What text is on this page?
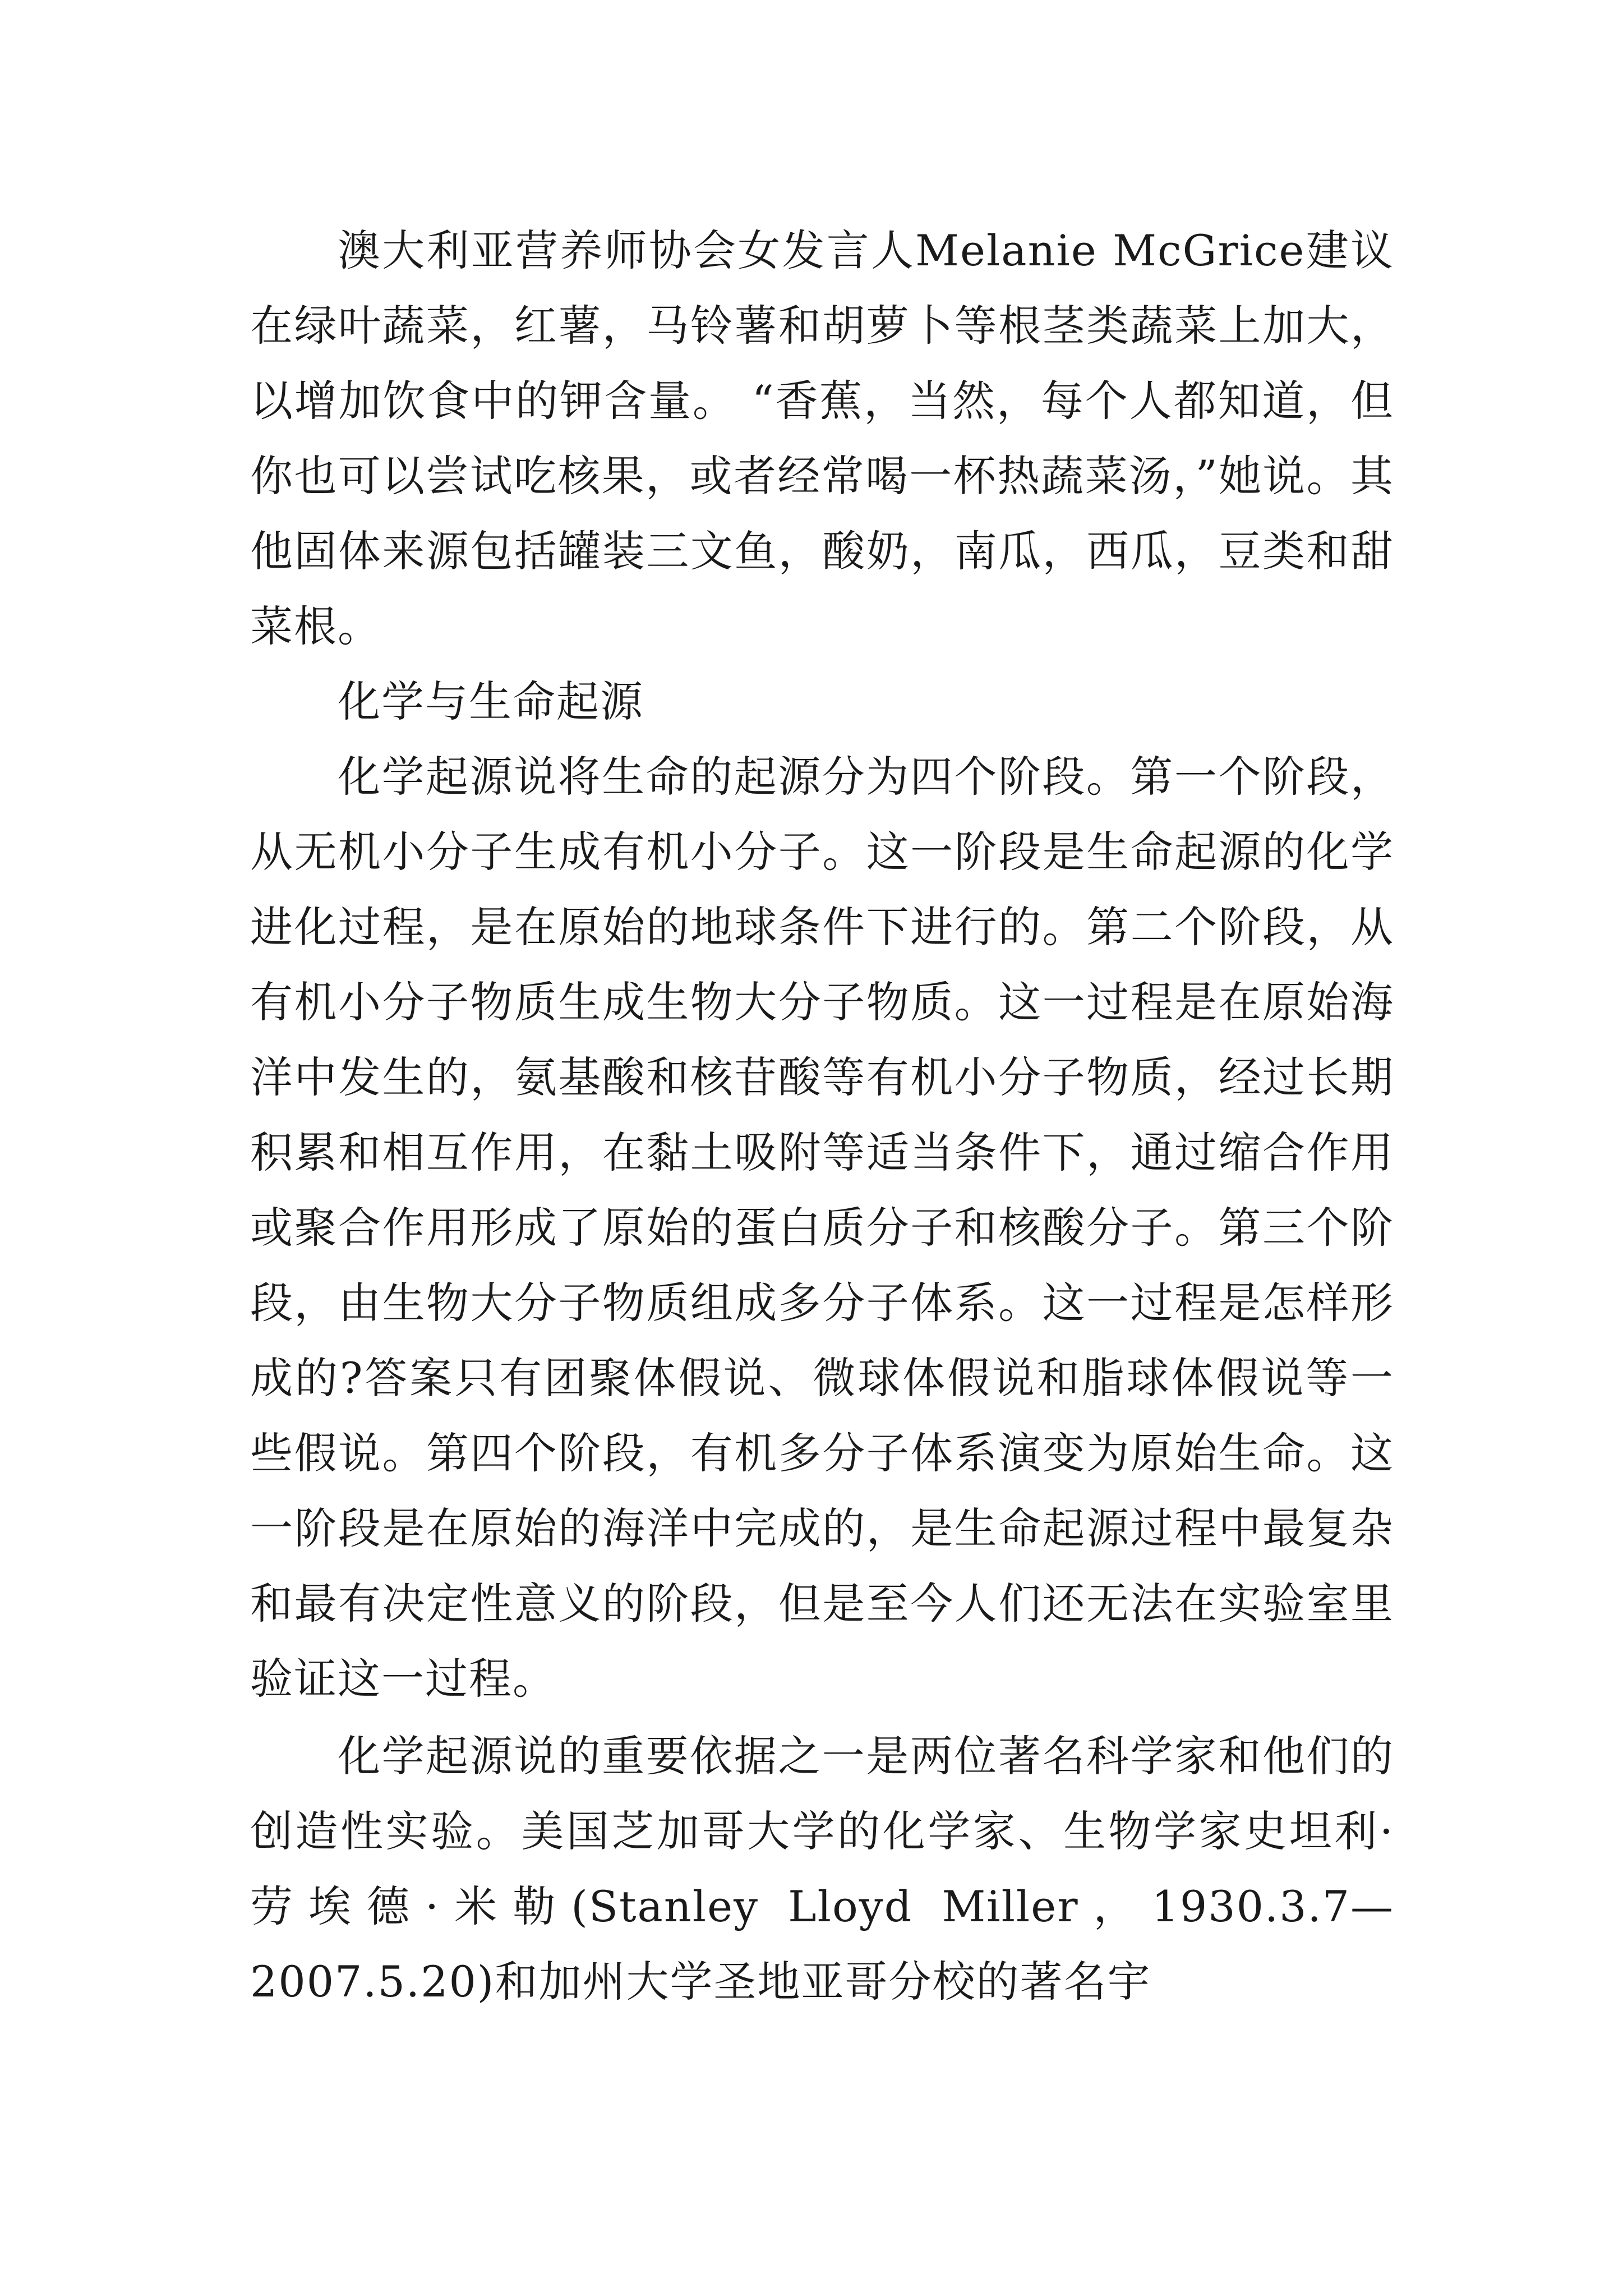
澳大利亚营养师协会女发言人Melanie McGrice建议在绿叶蔬菜，红薯，马铃薯和胡萝卜等根茎类蔬菜上加大，以增加饮食中的钾含量。 “香蕉，当然，每个人都知道，但你也可以尝试吃核果，或者经常喝一杯热蔬菜汤，”她说。其他固体来源包括罐装三文鱼，酸奶，南瓜，西瓜，豆类和甜菜根。

化学与生命起源

化学起源说将生命的起源分为四个阶段。第一个阶段，从无机小分子生成有机小分子。这一阶段是生命起源的化学进化过程，是在原始的地球条件下进行的。第二个阶段，从有机小分子物质生成生物大分子物质。这一过程是在原始海洋中发生的，氨基酸和核苷酸等有机小分子物质，经过长期积累和相互作用，在黏土吸附等适当条件下，通过缩合作用或聚合作用形成了原始的蛋白质分子和核酸分子。第三个阶段，由生物大分子物质组成多分子体系。这一过程是怎样形成的?答案只有团聚体假说、微球体假说和脂球体假说等一些假说。第四个阶段，有机多分子体系演变为原始生命。这一阶段是在原始的海洋中完成的，是生命起源过程中最复杂和最有决定性意义的阶段，但是至今人们还无法在实验室里验证这一过程。

化学起源说的重要依据之一是两位著名科学家和他们的创造性实验。美国芝加哥大学的化学家、生物学家史坦利·劳埃德·米勒(Stanley Lloyd Miller，1930.3.7—2007.5.20)和加州大学圣地亚哥分校的著名宇
